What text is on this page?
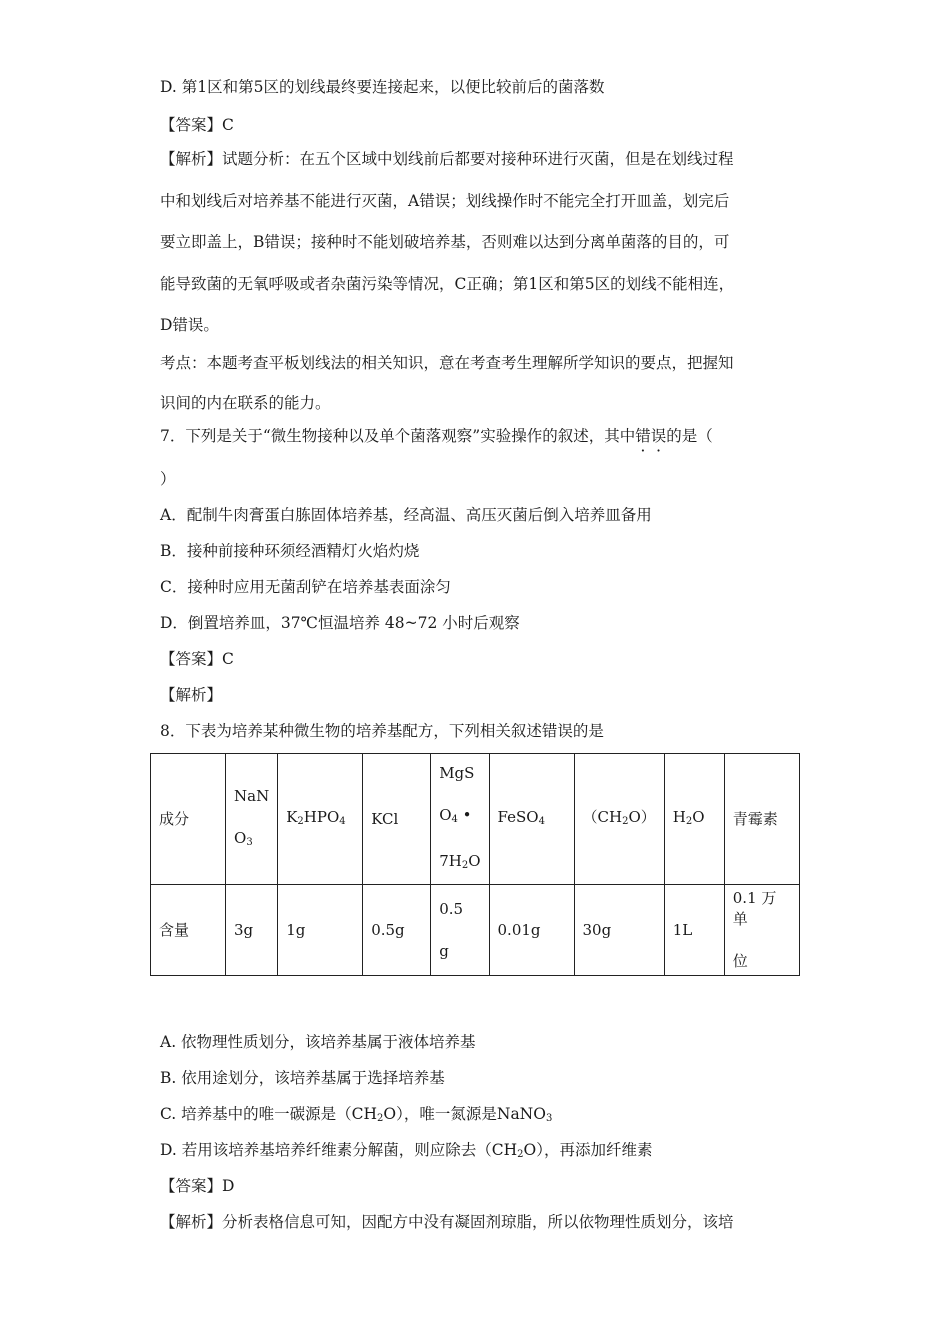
D. 第1区和第5区的划线最终要连接起来，以便比较前后的菌落数
【答案】C
【解析】试题分析：在五个区域中划线前后都要对接种环进行灭菌，但是在划线过程
中和划线后对培养基不能进行灭菌，A错误；划线操作时不能完全打开皿盖，划完后
要立即盖上，B错误；接种时不能划破培养基，否则难以达到分离单菌落的目的，可
能导致菌的无氧呼吸或者杂菌污染等情况，C正确；第1区和第5区的划线不能相连，
D错误。
考点：本题考查平板划线法的相关知识，意在考查考生理解所学知识的要点，把握知
识间的内在联系的能力。
7．下列是关于“微生物接种以及单个菌落观察”实验操作的叙述，其中错误的是（
）
A．配制牛肉膏蛋白胨固体培养基，经高温、高压灭菌后倒入培养皿备用
B．接种前接种环须经酒精灯火焰灼烧
C．接种时应用无菌刮铲在培养基表面涂匀
D．倒置培养皿，37℃恒温培养 48~72 小时后观察
【答案】C
【解析】
8．下表为培养某种微生物的培养基配方，下列相关叙述错误的是
成分	NaN

$O_3$	$K_2HPO_4$	KCl	MgS

$O_4$ •

$7H_2O$	FeSO$_4$	$(CH_2O)$	$H_2O$	青霉素
含量	3g	1g	0.5g	0.5

g	0.01g	30g	1L	0.1 万单

位
A. 依物理性质划分，该培养基属于液体培养基
B. 依用途划分，该培养基属于选择培养基
C. 培养基中的唯一碳源是$(CH_2O)$，唯一氮源是NaNO$_3$
D. 若用该培养基培养纤维素分解菌，则应除去$(CH_2O)$，再添加纤维素
【答案】D
【解析】分析表格信息可知，因配方中没有凝固剂琼脂，所以依物理性质划分，该培
